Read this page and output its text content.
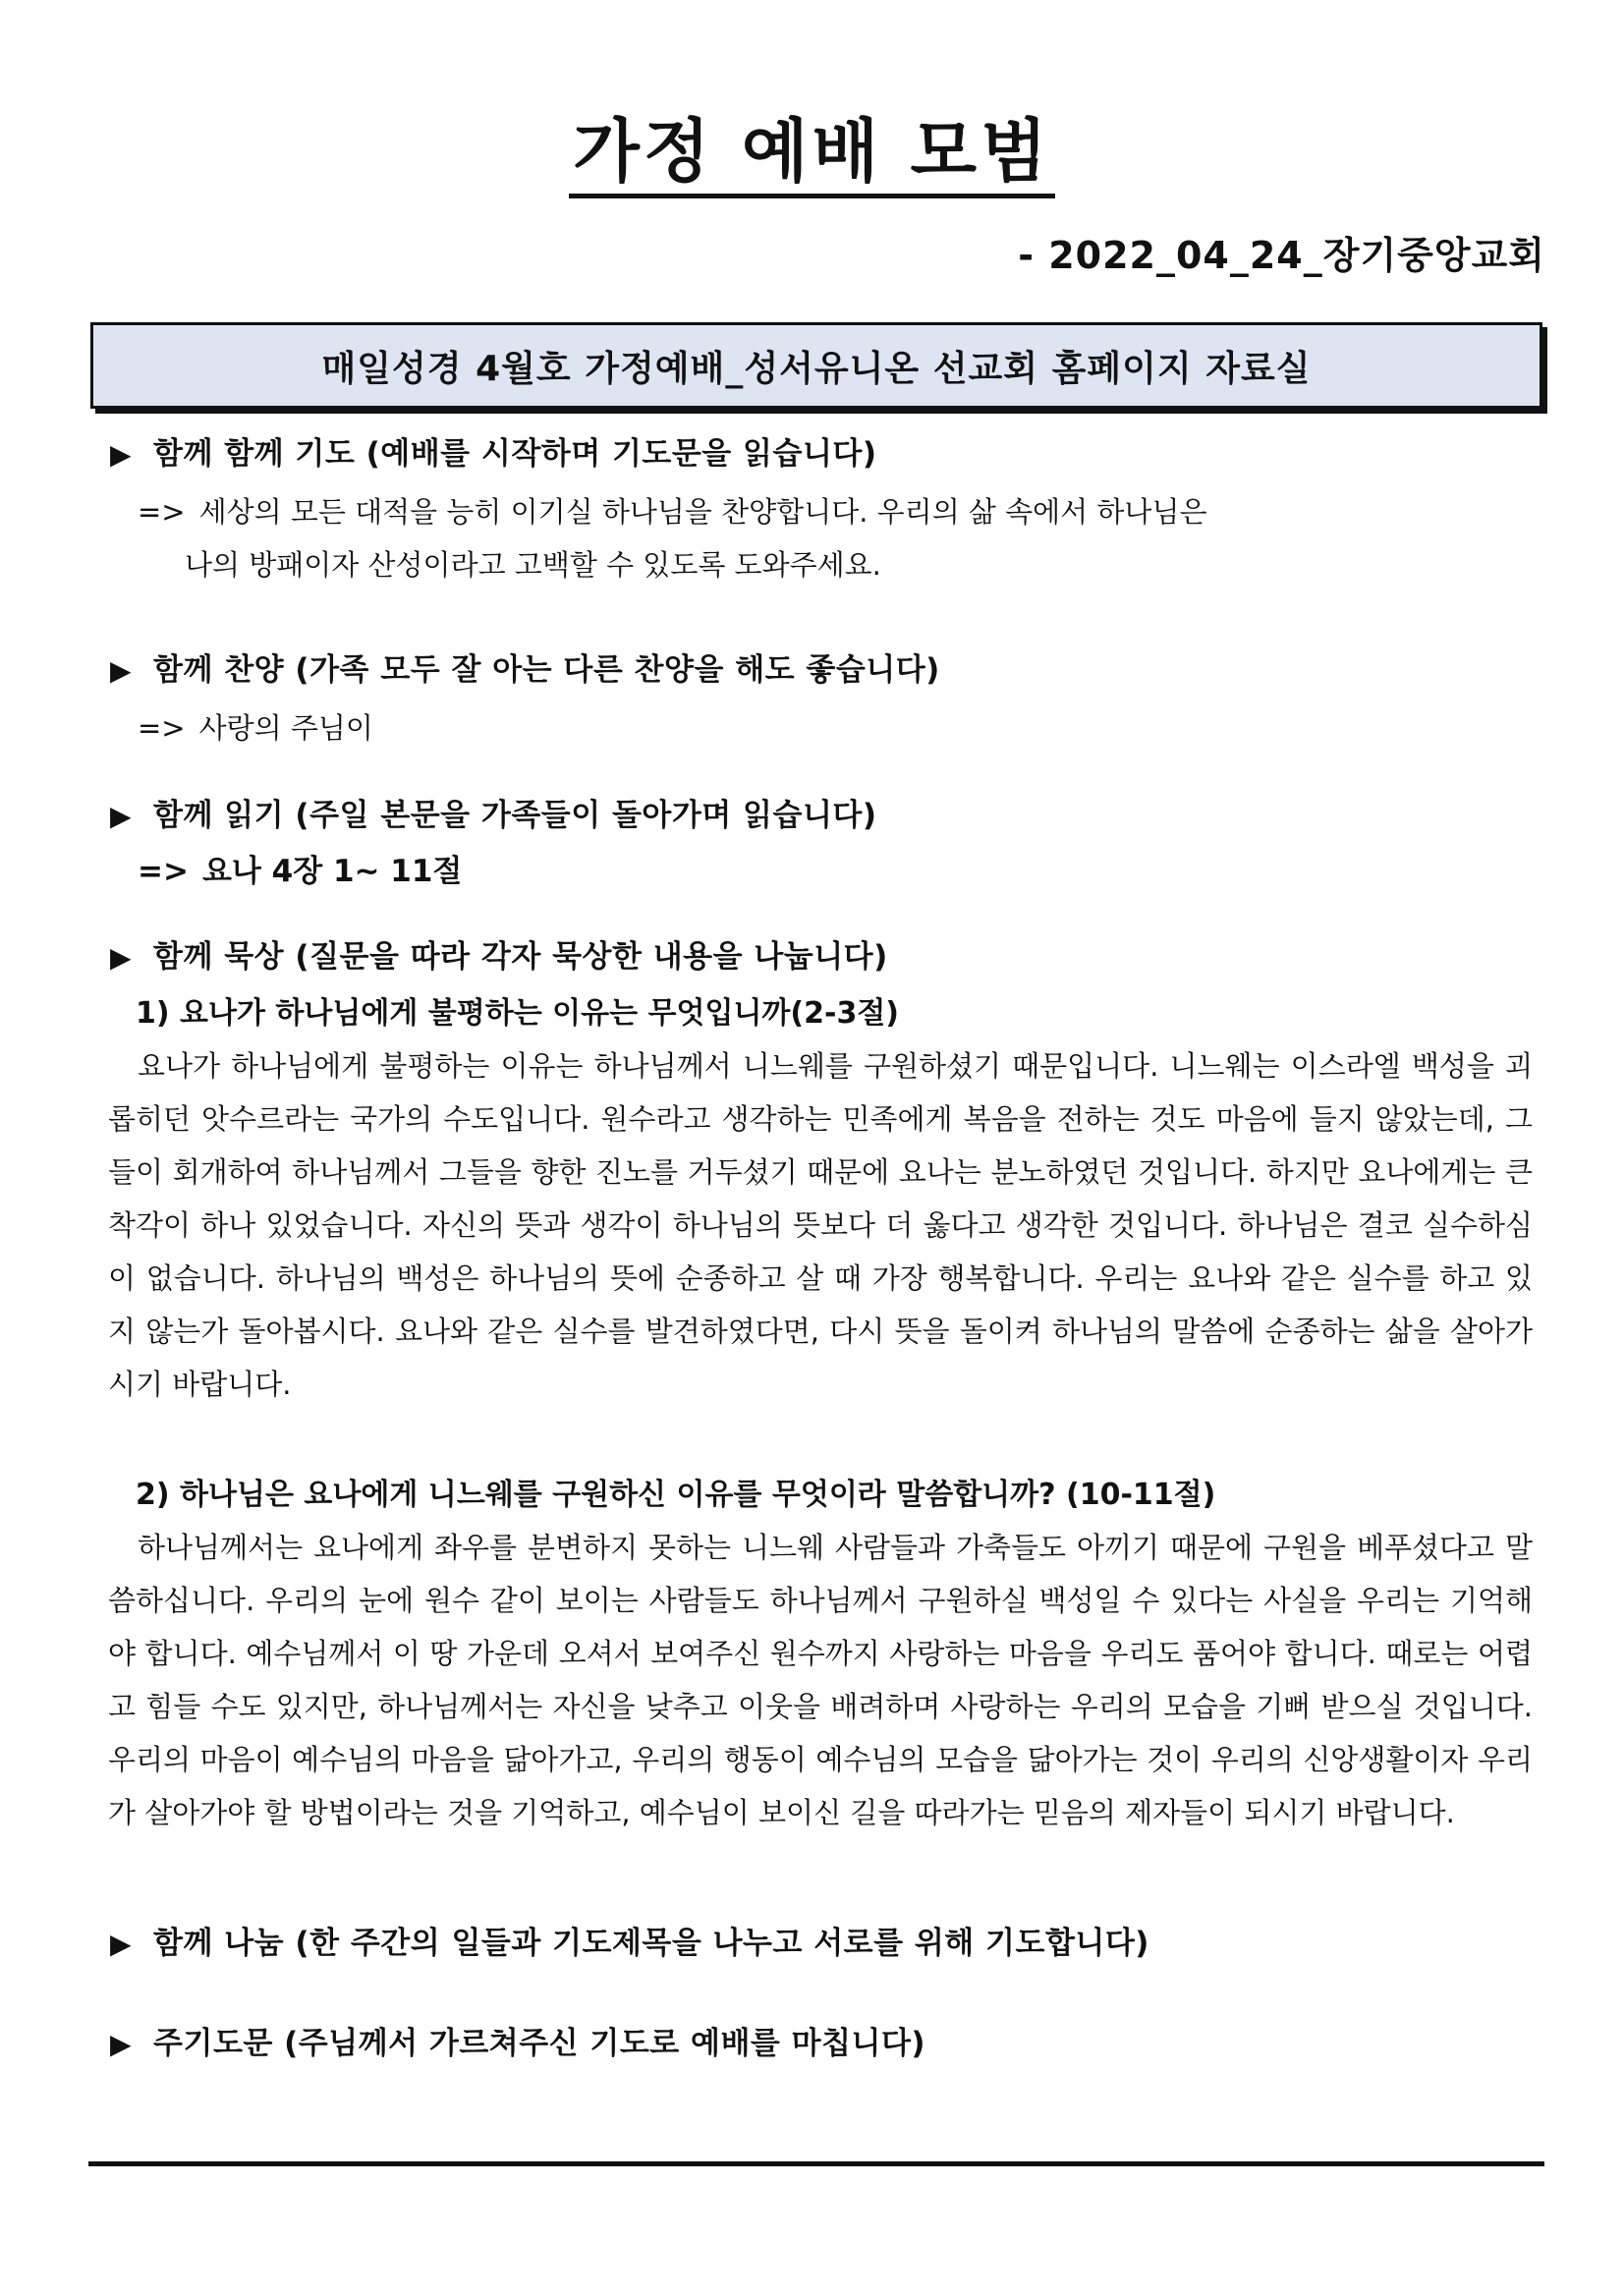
가정 예배 모범
- 2022_04_24_장기중앙교회
매일성경 4월호 가정예배_성서유니온 선교회 홈페이지 자료실
▶ 함께 함께 기도 (예배를 시작하며 기도문을 읽습니다)
=> 세상의 모든 대적을 능히 이기실 하나님을 찬양합니다. 우리의 삶 속에서 하나님은
나의 방패이자 산성이라고 고백할 수 있도록 도와주세요.
▶ 함께 찬양 (가족 모두 잘 아는 다른 찬양을 해도 좋습니다)
=> 사랑의 주님이
▶ 함께 읽기 (주일 본문을 가족들이 돌아가며 읽습니다)
=> 요나 4장 1~ 11절
▶ 함께 묵상 (질문을 따라 각자 묵상한 내용을 나눕니다)
1) 요나가 하나님에게 불평하는 이유는 무엇입니까(2-3절)

요나가 하나님에게 불평하는 이유는 하나님께서 니느웨를 구원하셨기 때문입니다. 니느웨는 이스라엘 백성을 괴롭히던 앗수르라는 국가의 수도입니다. 원수라고 생각하는 민족에게 복음을 전하는 것도 마음에 들지 않았는데, 그들이 회개하여 하나님께서 그들을 향한 진노를 거두셨기 때문에 요나는 분노하였던 것입니다. 하지만 요나에게는 큰 착각이 하나 있었습니다. 자신의 뜻과 생각이 하나님의 뜻보다 더 옳다고 생각한 것입니다. 하나님은 결코 실수하심이 없습니다. 하나님의 백성은 하나님의 뜻에 순종하고 살 때 가장 행복합니다. 우리는 요나와 같은 실수를 하고 있지 않는가 돌아봅시다. 요나와 같은 실수를 발견하였다면, 다시 뜻을 돌이켜 하나님의 말씀에 순종하는 삶을 살아가시기 바랍니다.

2) 하나님은 요나에게 니느웨를 구원하신 이유를 무엇이라 말씀합니까? (10-11절)

하나님께서는 요나에게 좌우를 분변하지 못하는 니느웨 사람들과 가축들도 아끼기 때문에 구원을 베푸셨다고 말씀하십니다. 우리의 눈에 원수 같이 보이는 사람들도 하나님께서 구원하실 백성일 수 있다는 사실을 우리는 기억해야 합니다. 예수님께서 이 땅 가운데 오셔서 보여주신 원수까지 사랑하는 마음을 우리도 품어야 합니다. 때로는 어렵고 힘들 수도 있지만, 하나님께서는 자신을 낮추고 이웃을 배려하며 사랑하는 우리의 모습을 기뻐 받으실 것입니다. 우리의 마음이 예수님의 마음을 닮아가고, 우리의 행동이 예수님의 모습을 닮아가는 것이 우리의 신앙생활이자 우리가 살아가야 할 방법이라는 것을 기억하고, 예수님이 보이신 길을 따라가는 믿음의 제자들이 되시기 바랍니다.

▶ 함께 나눔 (한 주간의 일들과 기도제목을 나누고 서로를 위해 기도합니다)
▶ 주기도문 (주님께서 가르쳐주신 기도로 예배를 마칩니다)
